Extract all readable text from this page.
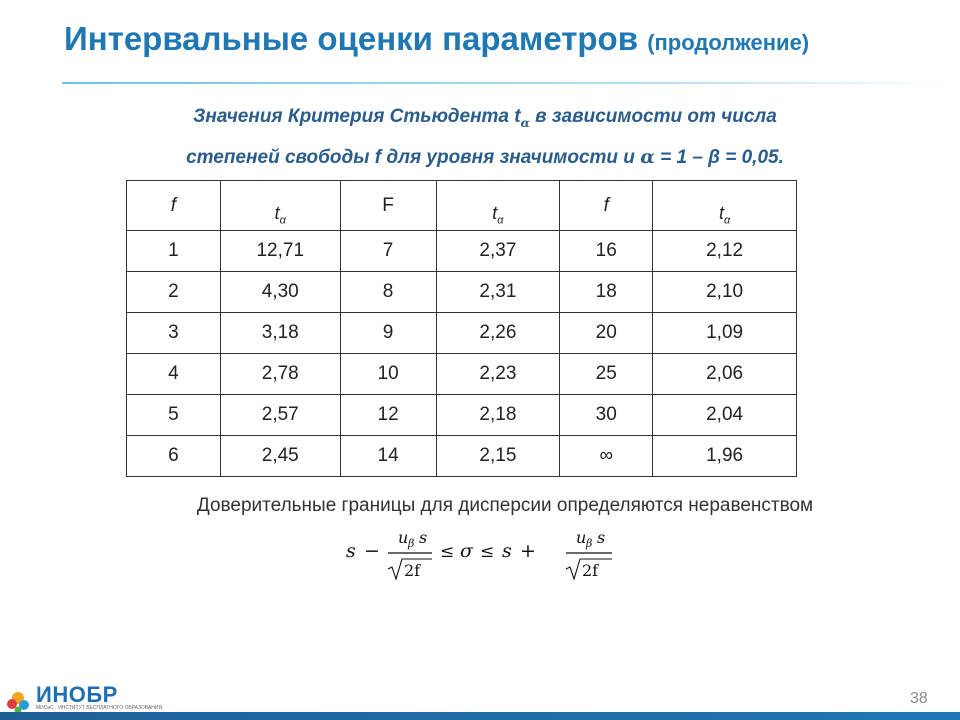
Интервальные оценки параметров (продолжение)
Значения Критерия Стьюдента $t_\alpha$ в зависимости от числа
степеней свободы f для уровня значимости и α = 1 – β = 0,05.
f	$t_\alpha$	F	$t_\alpha$	f	$t_\alpha$

1	12,71	7	2,37	16	2,12
2	4,30	8	2,31	18	2,10
3	3,18	9	2,26	20	1,09
4	2,78	10	2,23	25	2,06
5	2,57	12	2,18	30	2,04
6	2,45	14	2,15	∞	1,96
Доверительные границы для дисперсии определяются неравенством
s −
u β s
2f
≤ σ ≤ s +
u β s
2f
ИНОБР
МИСиС · ИНСТИТУТ БЕСПЛАТНОГО ОБРАЗОВАНИЯ
38
